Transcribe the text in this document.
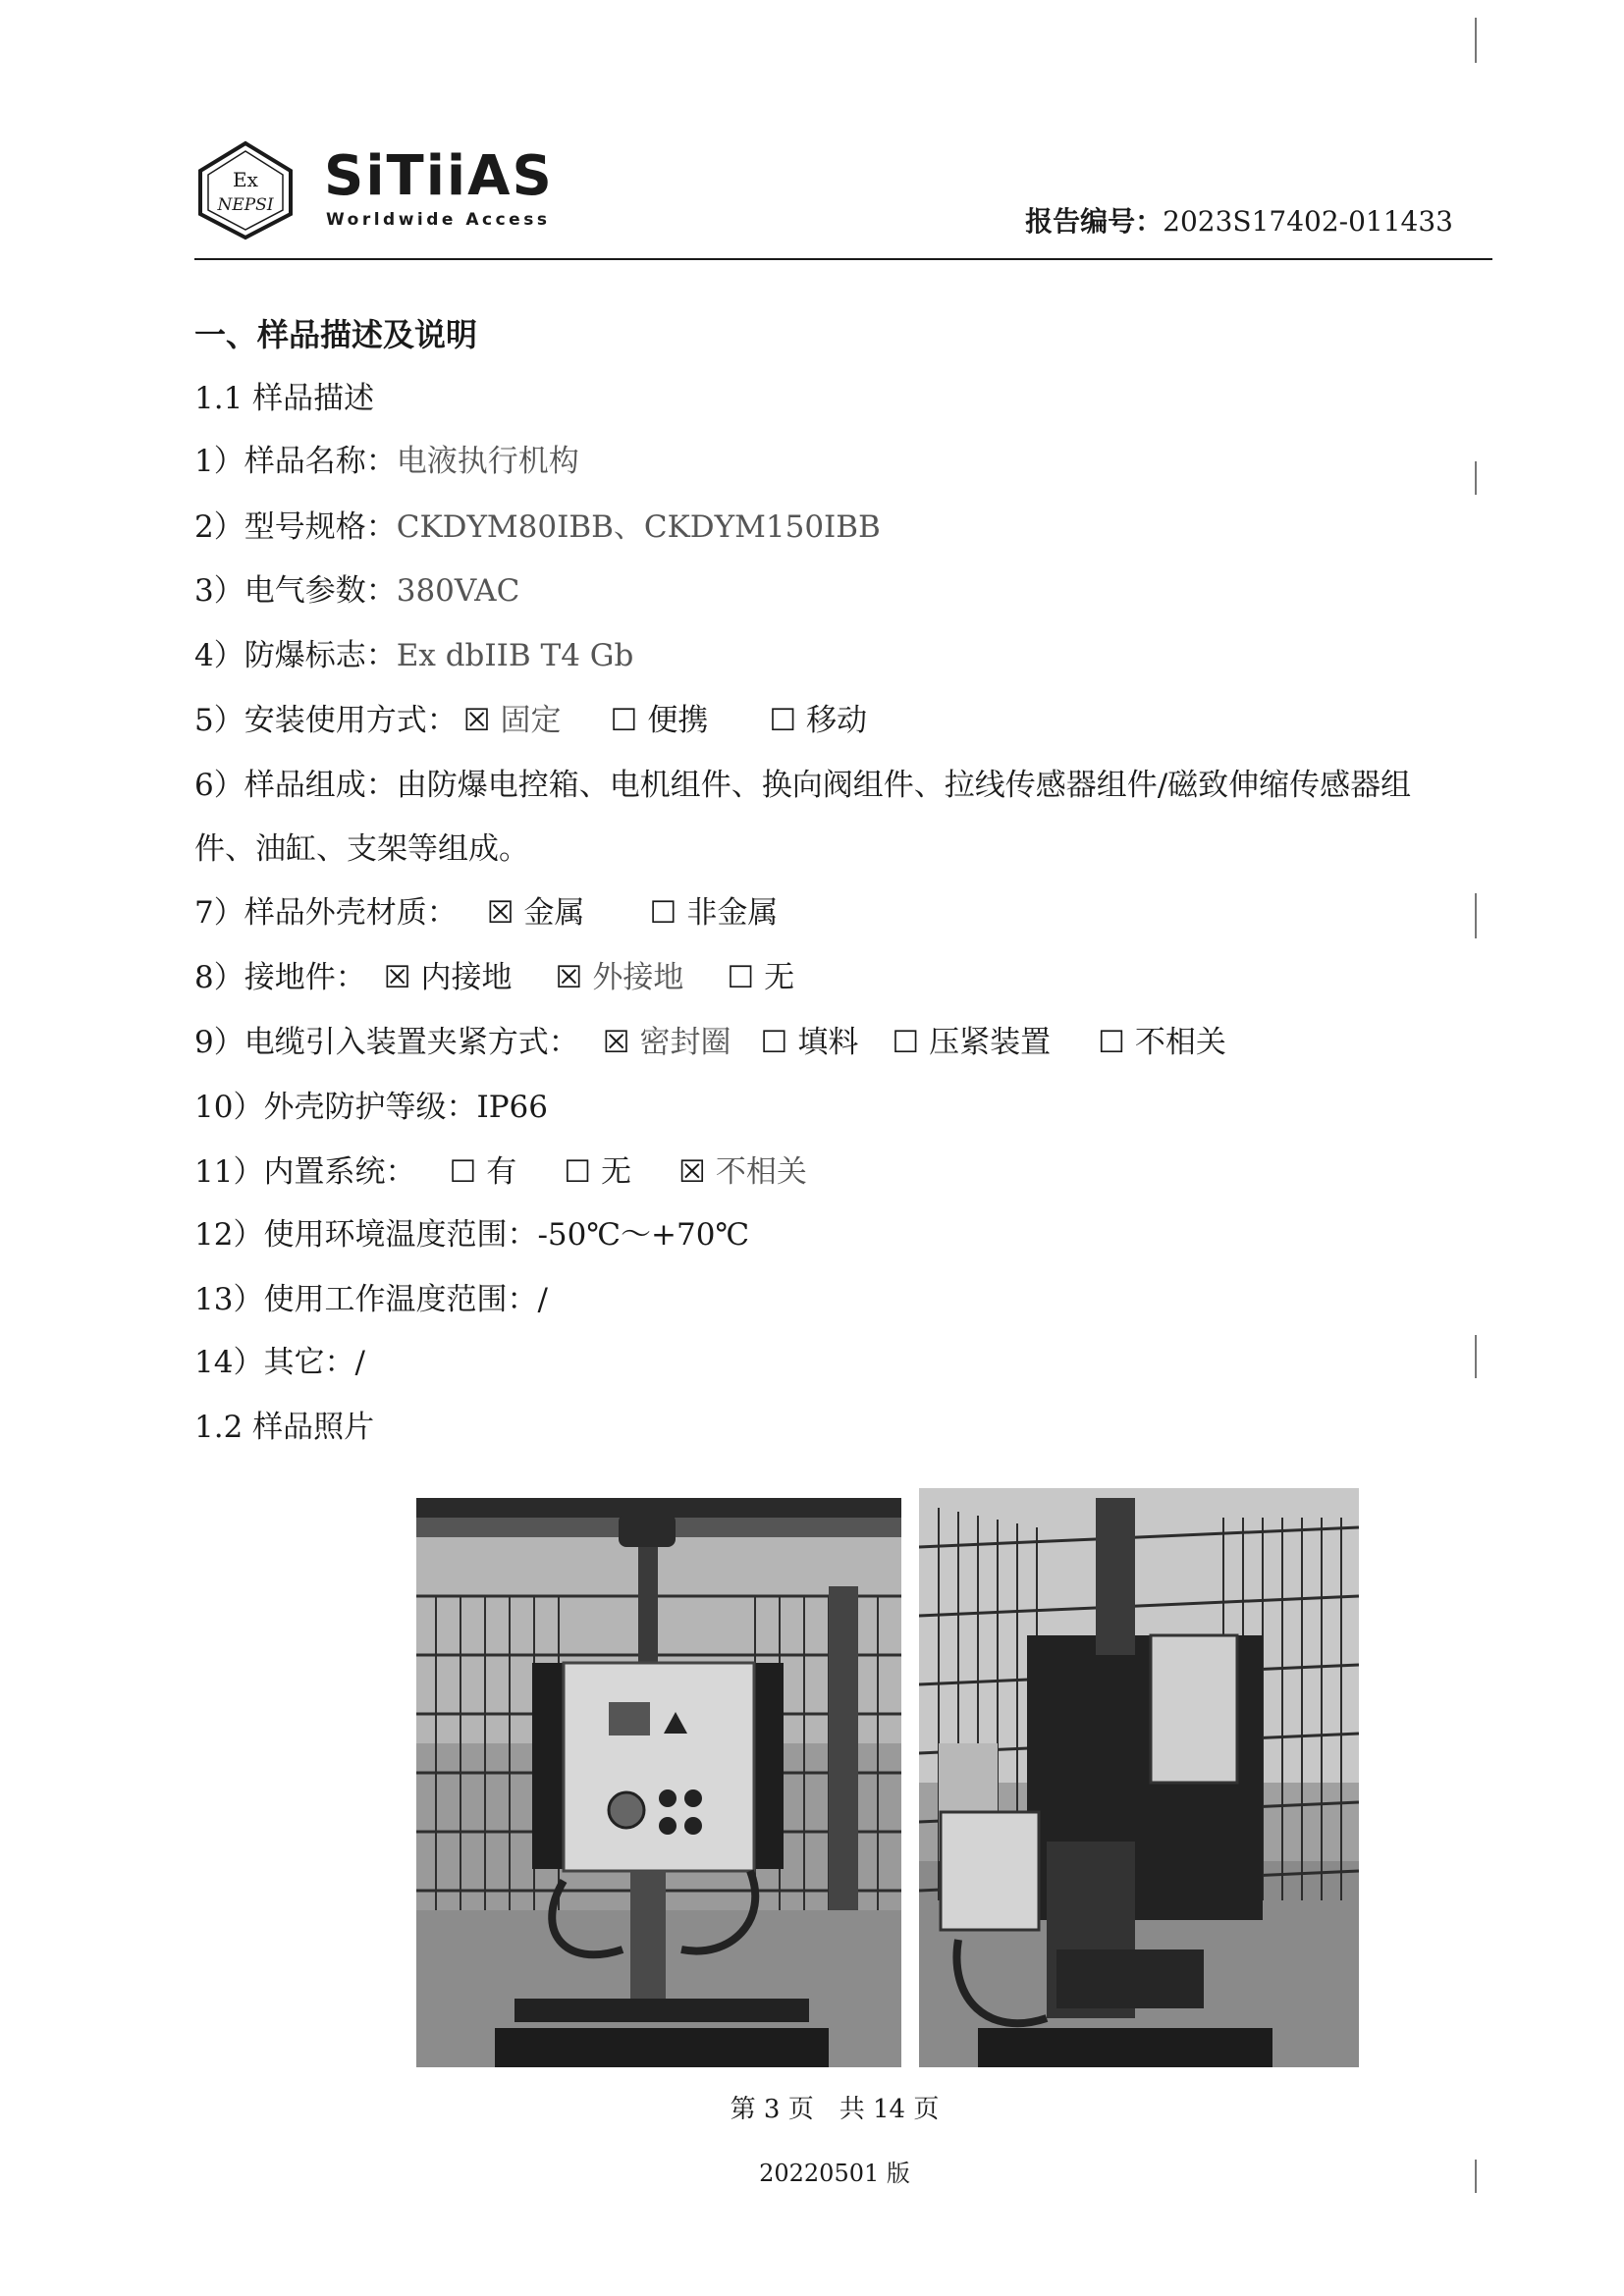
Ex
NEPSI SiTiiAS
Worldwide Access	报告编号：2023S17402-011433
一、样品描述及说明
1.1 样品描述
1）样品名称：电液执行机构
2）型号规格：CKDYM80IBB、CKDYM150IBB
3）电气参数：380VAC
4）防爆标志：Ex dbIIB T4 Gb
5）安装使用方式： ☒ 固定 ☐ 便携 ☐ 移动
6）样品组成：由防爆电控箱、电机组件、换向阀组件、拉线传感器组件/磁致伸缩传感器组
件、油缸、支架等组成。
7）样品外壳材质： ☒ 金属 ☐ 非金属
8）接地件： ☒ 内接地 ☒ 外接地 ☐ 无
9）电缆引入装置夹紧方式： ☒ 密封圈 ☐ 填料 ☐ 压紧装置 ☐ 不相关
10）外壳防护等级：IP66
11）内置系统： ☐ 有 ☐ 无 ☒ 不相关
12）使用环境温度范围：-50℃～+70℃
13）使用工作温度范围：/
14）其它：/
1.2 样品照片
第 3 页　共 14 页
20220501 版
